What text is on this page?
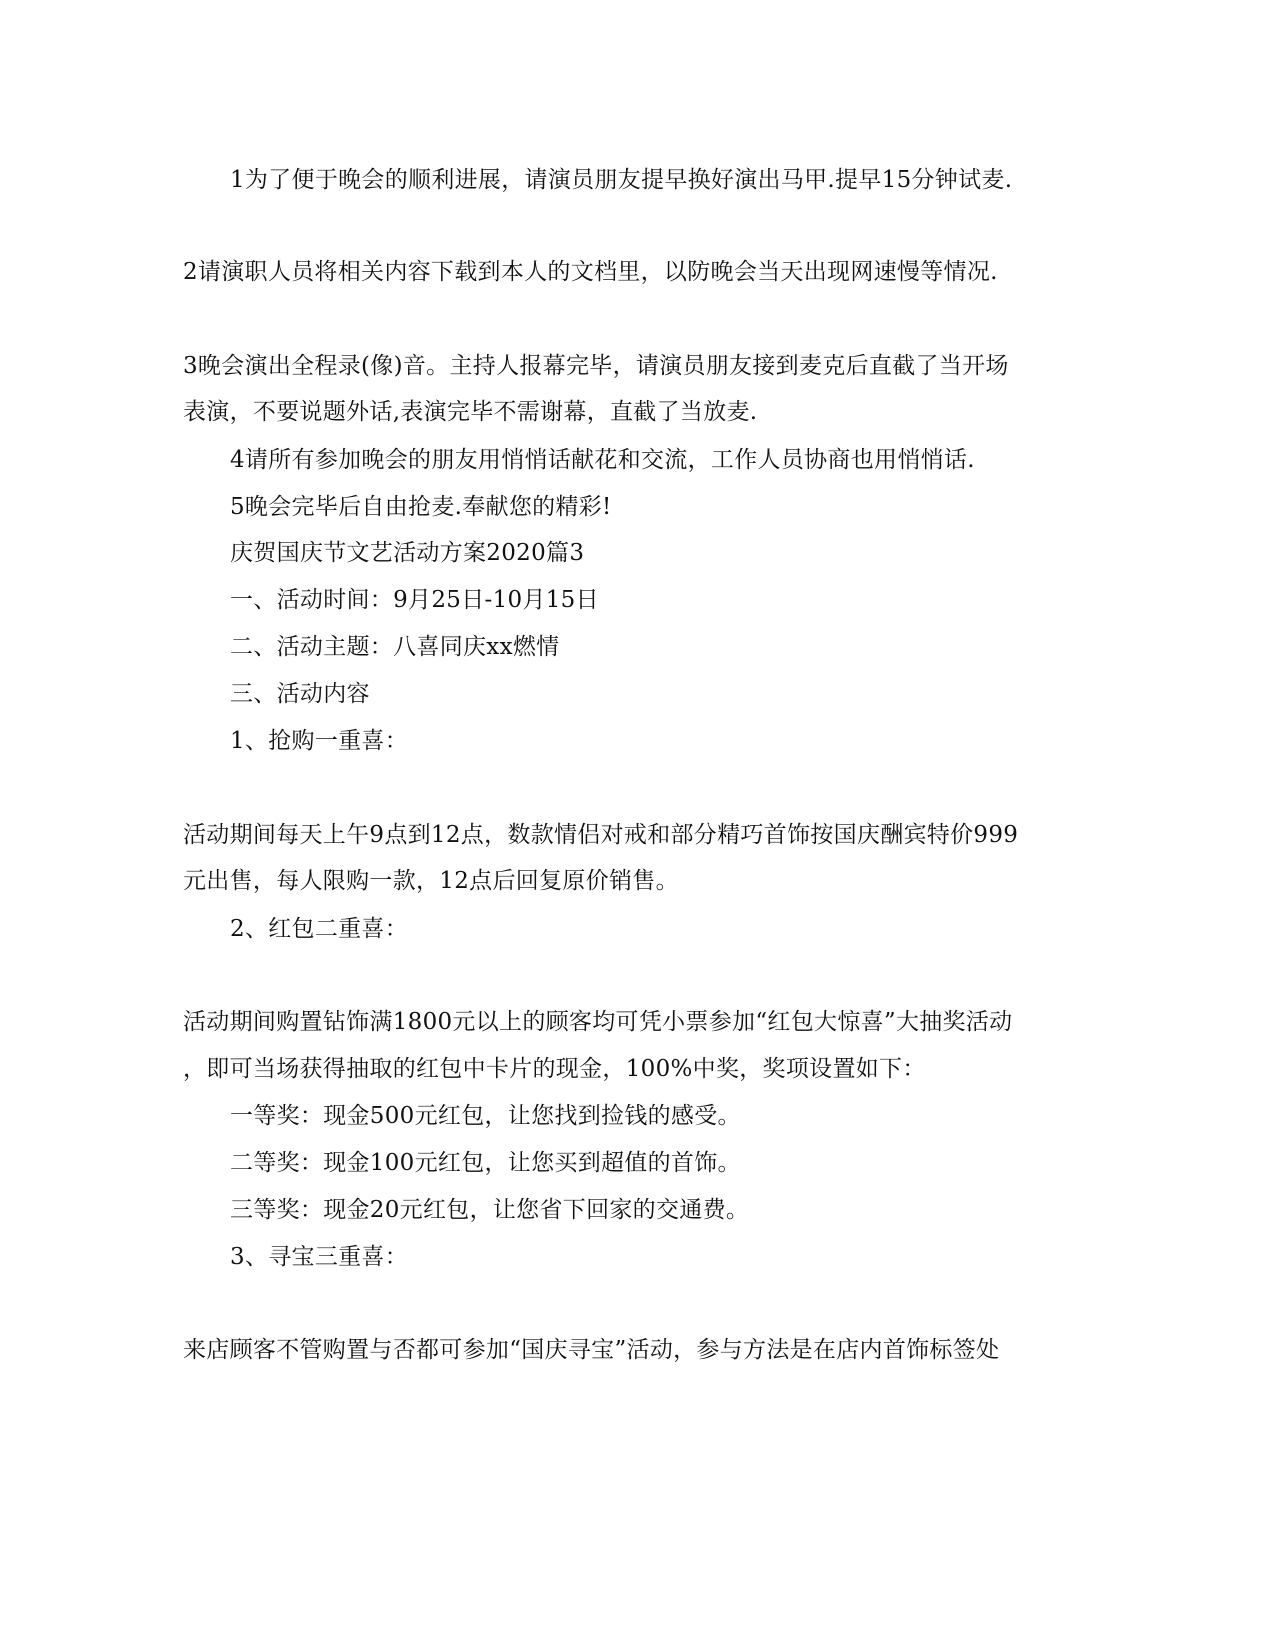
1为了便于晚会的顺利进展，请演员朋友提早换好演出马甲.提早15分钟试麦.
2请演职人员将相关内容下载到本人的文档里，以防晚会当天出现网速慢等情况.
3晚会演出全程录(像)音。主持人报幕完毕，请演员朋友接到麦克后直截了当开场
表演，不要说题外话,表演完毕不需谢幕，直截了当放麦.
4请所有参加晚会的朋友用悄悄话献花和交流，工作人员协商也用悄悄话.
5晚会完毕后自由抢麦.奉献您的精彩!
庆贺国庆节文艺活动方案2020篇3
一、活动时间：9月25日-10月15日
二、活动主题：八喜同庆xx燃情
三、活动内容
1、抢购一重喜：
活动期间每天上午9点到12点，数款情侣对戒和部分精巧首饰按国庆酬宾特价999
元出售，每人限购一款，12点后回复原价销售。
2、红包二重喜：
活动期间购置钻饰满1800元以上的顾客均可凭小票参加“红包大惊喜”大抽奖活动
，即可当场获得抽取的红包中卡片的现金，100%中奖，奖项设置如下：
一等奖：现金500元红包，让您找到捡钱的感受。
二等奖：现金100元红包，让您买到超值的首饰。
三等奖：现金20元红包，让您省下回家的交通费。
3、寻宝三重喜：
来店顾客不管购置与否都可参加“国庆寻宝”活动，参与方法是在店内首饰标签处
